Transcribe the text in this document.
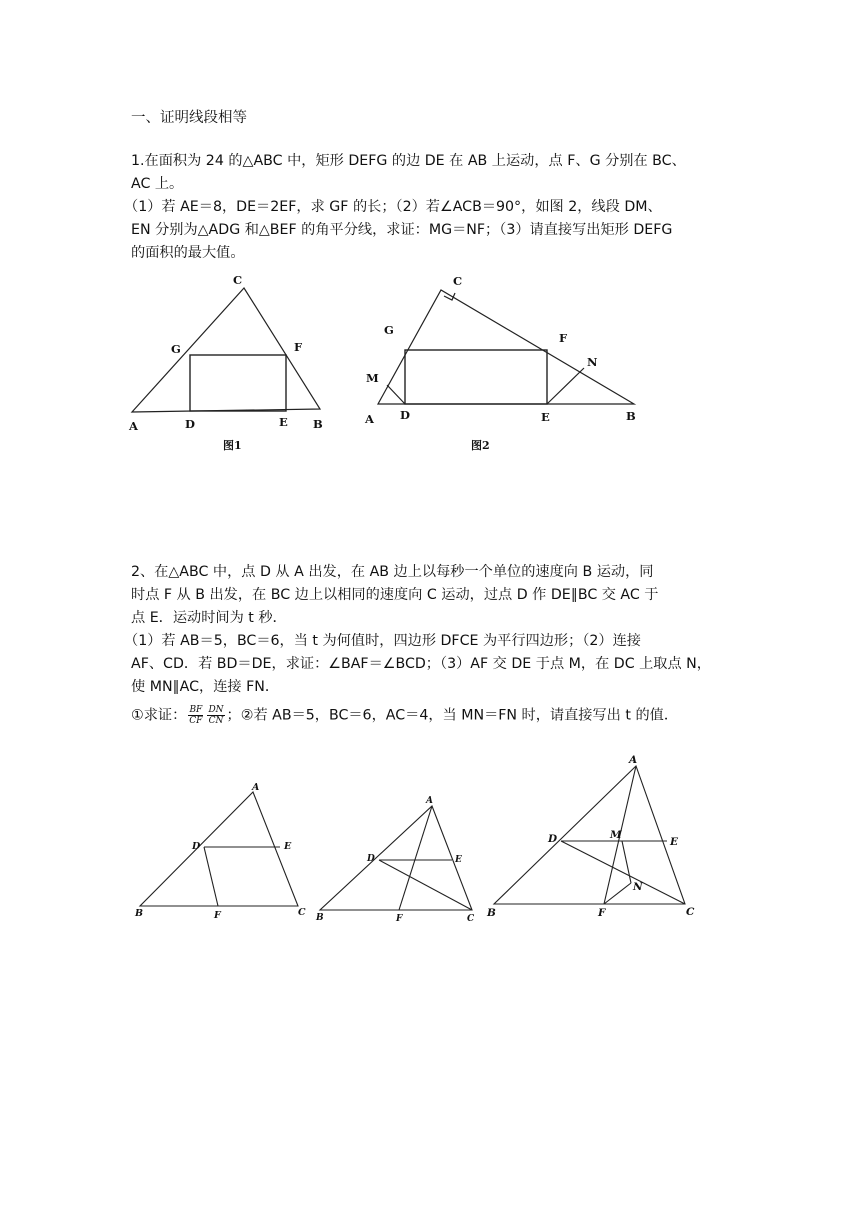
一、证明线段相等
1.在面积为 24 的△ABC 中，矩形 DEFG 的边 DE 在 AB 上运动，点 F、G 分别在 BC、
AC 上。
（1）若 AE＝8，DE＝2EF，求 GF 的长；（2）若∠ACB＝90°，如图 2，线段 DM、
EN 分别为△ADG 和△BEF 的角平分线，求证：MG＝NF；（3）请直接写出矩形 DEFG
的面积的最大值。
C
G	F
A	D	E B
图1
C
G
F
N
M
A D	E	B
图2
2、在△ABC 中，点 D 从 A 出发，在 AB 边上以每秒一个单位的速度向 B 运动，同
时点 F 从 B 出发，在 BC 边上以相同的速度向 C 运动，过点 D 作 DE∥BC 交 AC 于
点 E．运动时间为 t 秒．
（1）若 AB＝5，BC＝6，当 t 为何值时，四边形 DFCE 为平行四边形；（2）连接
AF、CD．若 BD＝DE，求证：∠BAF＝∠BCD；（3）AF 交 DE 于点 M，在 DC 上取点 N，
使 MN∥AC，连接 FN．
①求证： $\frac{BF}{CF} \frac{DN}{CN}$ ；②若 AB＝5，BC＝6，AC＝4，当 MN＝FN 时，请直接写出 t 的值．
A
D	E
B	F	C
A
D	E
B	F	C
A
D	M
E
N
B	F	C
